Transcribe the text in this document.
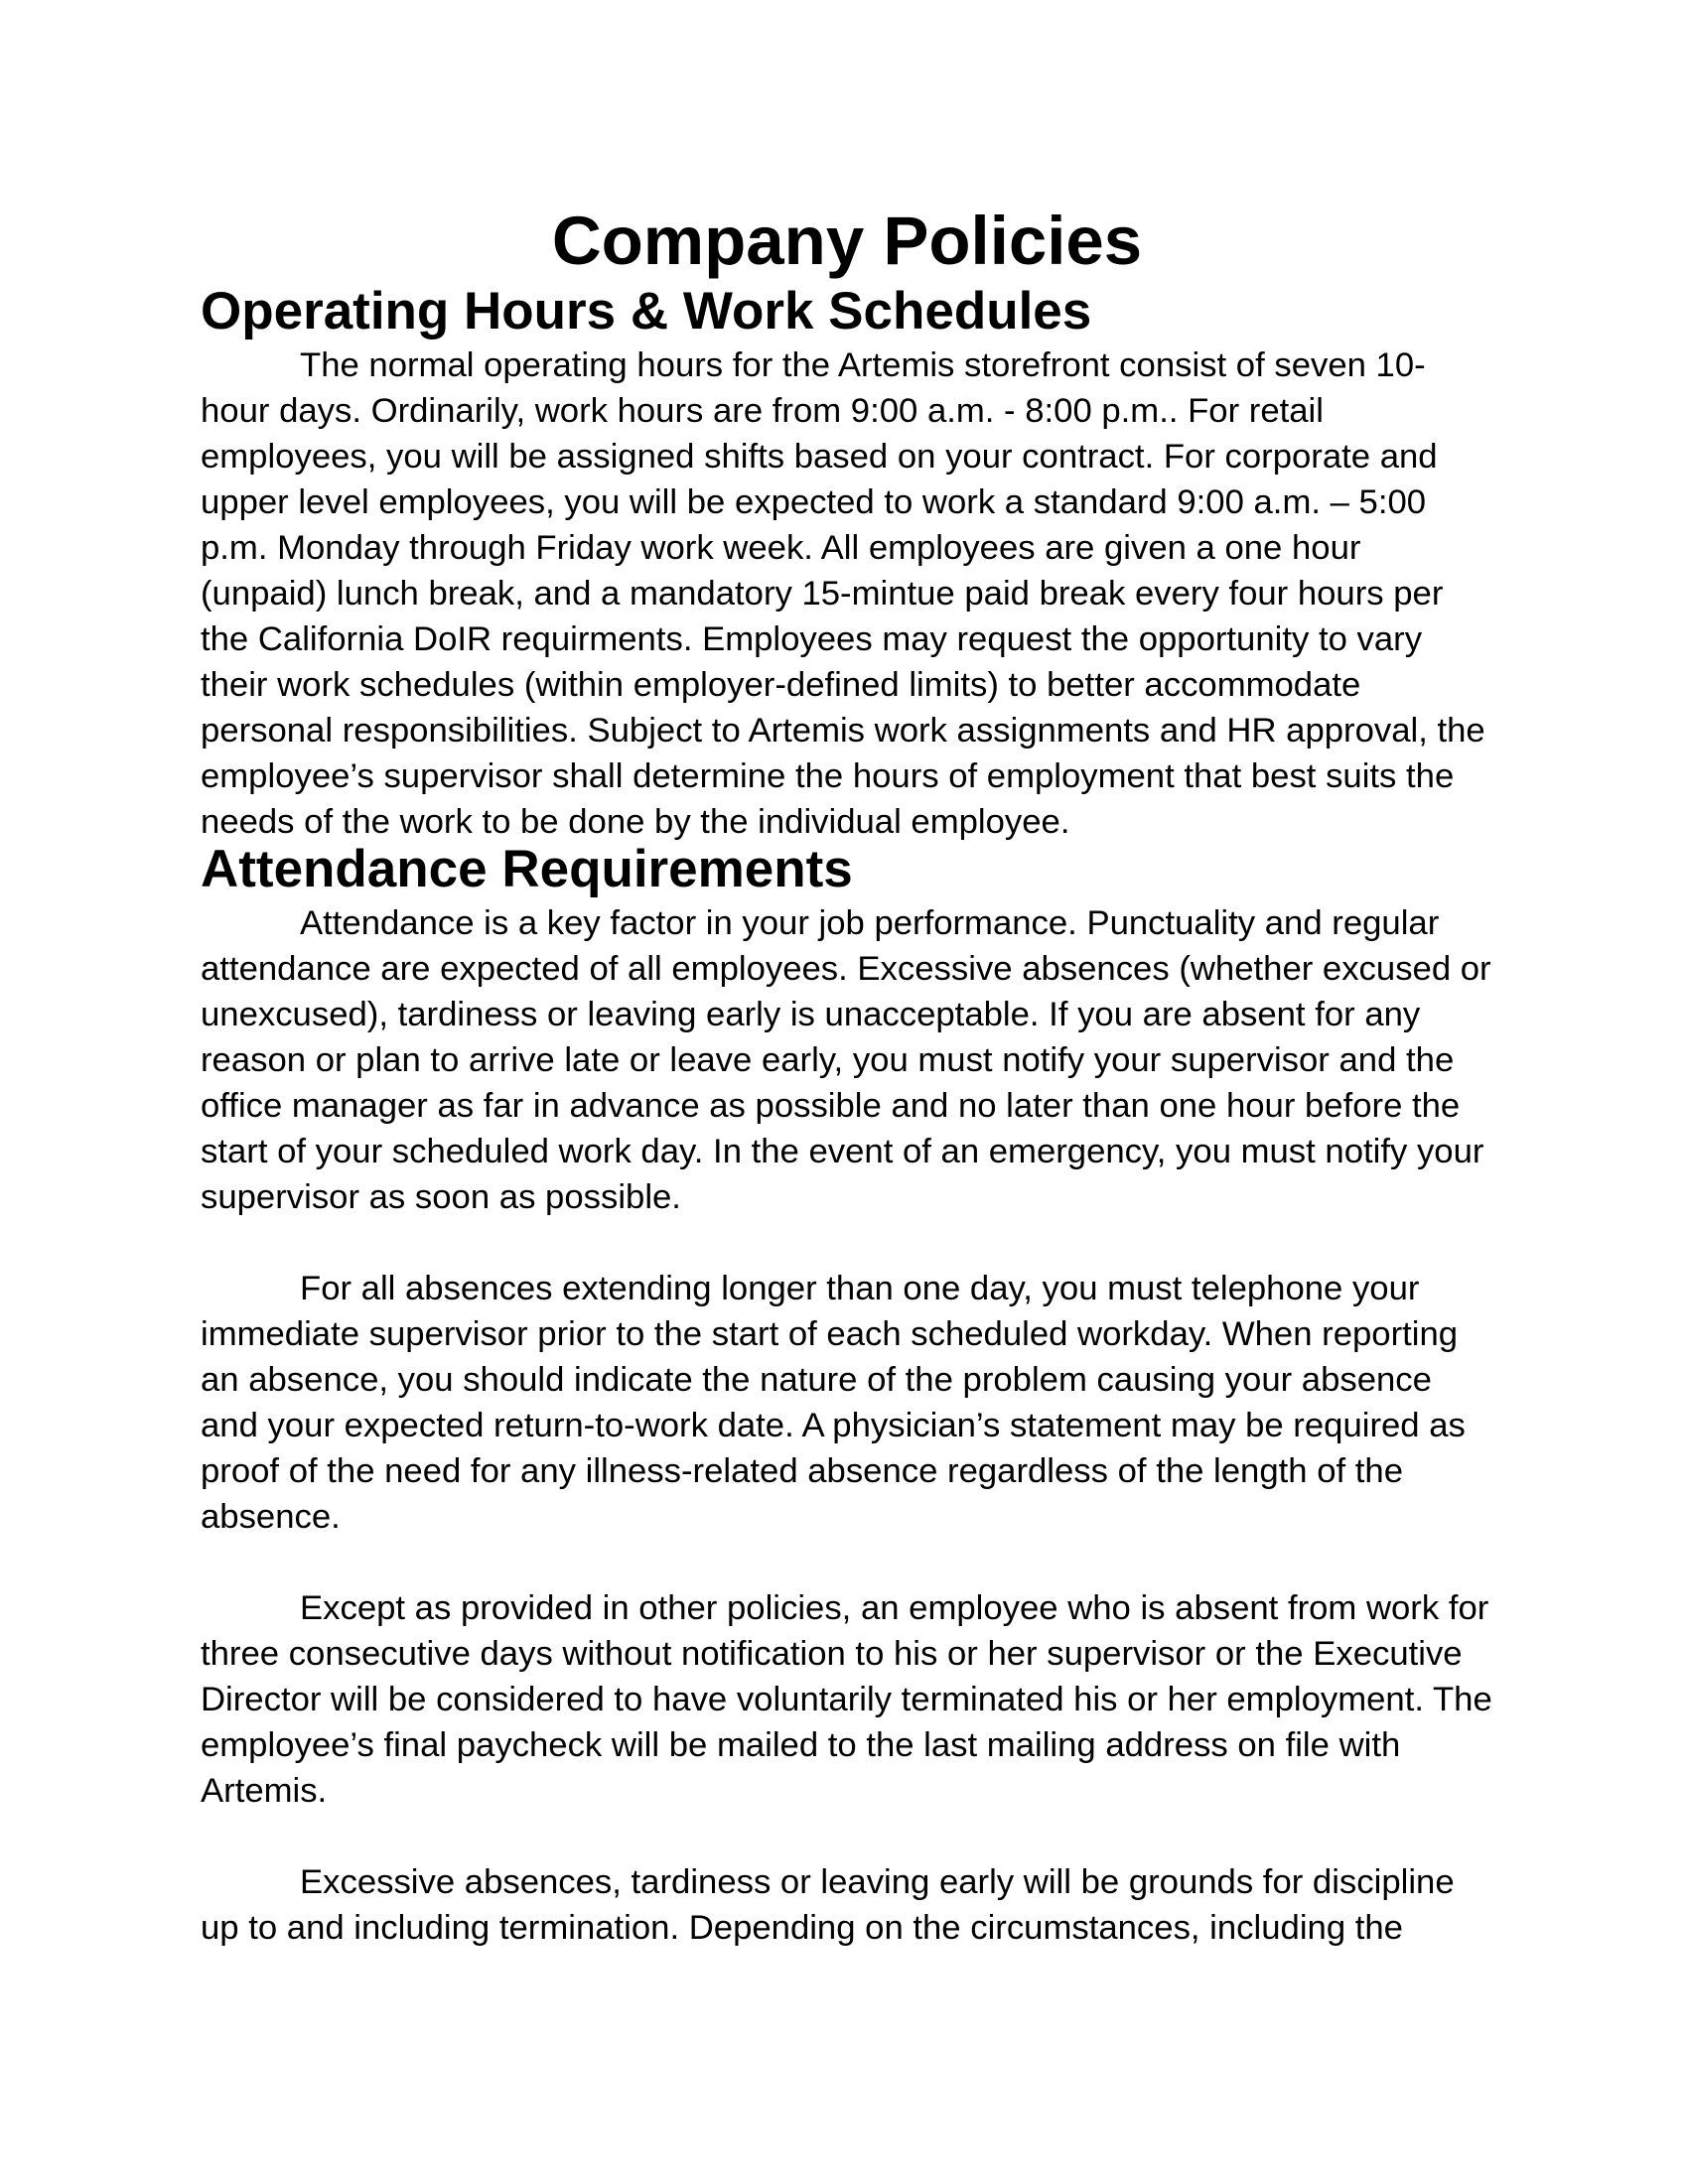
Company Policies
Operating Hours & Work Schedules

The normal operating hours for the Artemis storefront consist of seven 10-hour days. Ordinarily, work hours are from 9:00 a.m. - 8:00 p.m.. For retail employees, you will be assigned shifts based on your contract. For corporate and upper level employees, you will be expected to work a standard 9:00 a.m. – 5:00 p.m. Monday through Friday work week. All employees are given a one hour (unpaid) lunch break, and a mandatory 15-mintue paid break every four hours per the California DoIR requirments. Employees may request the opportunity to vary their work schedules (within employer-defined limits) to better accommodate personal responsibilities. Subject to Artemis work assignments and HR approval, the employee’s supervisor shall determine the hours of employment that best suits the needs of the work to be done by the individual employee.

Attendance Requirements

Attendance is a key factor in your job performance. Punctuality and regular attendance are expected of all employees. Excessive absences (whether excused or unexcused), tardiness or leaving early is unacceptable. If you are absent for any reason or plan to arrive late or leave early, you must notify your supervisor and the office manager as far in advance as possible and no later than one hour before the start of your scheduled work day. In the event of an emergency, you must notify your supervisor as soon as possible.

For all absences extending longer than one day, you must telephone your immediate supervisor prior to the start of each scheduled workday. When reporting an absence, you should indicate the nature of the problem causing your absence and your expected return-to-work date. A physician’s statement may be required as proof of the need for any illness-related absence regardless of the length of the absence.

Except as provided in other policies, an employee who is absent from work for three consecutive days without notification to his or her supervisor or the Executive Director will be considered to have voluntarily terminated his or her employment. The employee’s final paycheck will be mailed to the last mailing address on file with Artemis.

Excessive absences, tardiness or leaving early will be grounds for discipline up to and including termination. Depending on the circumstances, including the
